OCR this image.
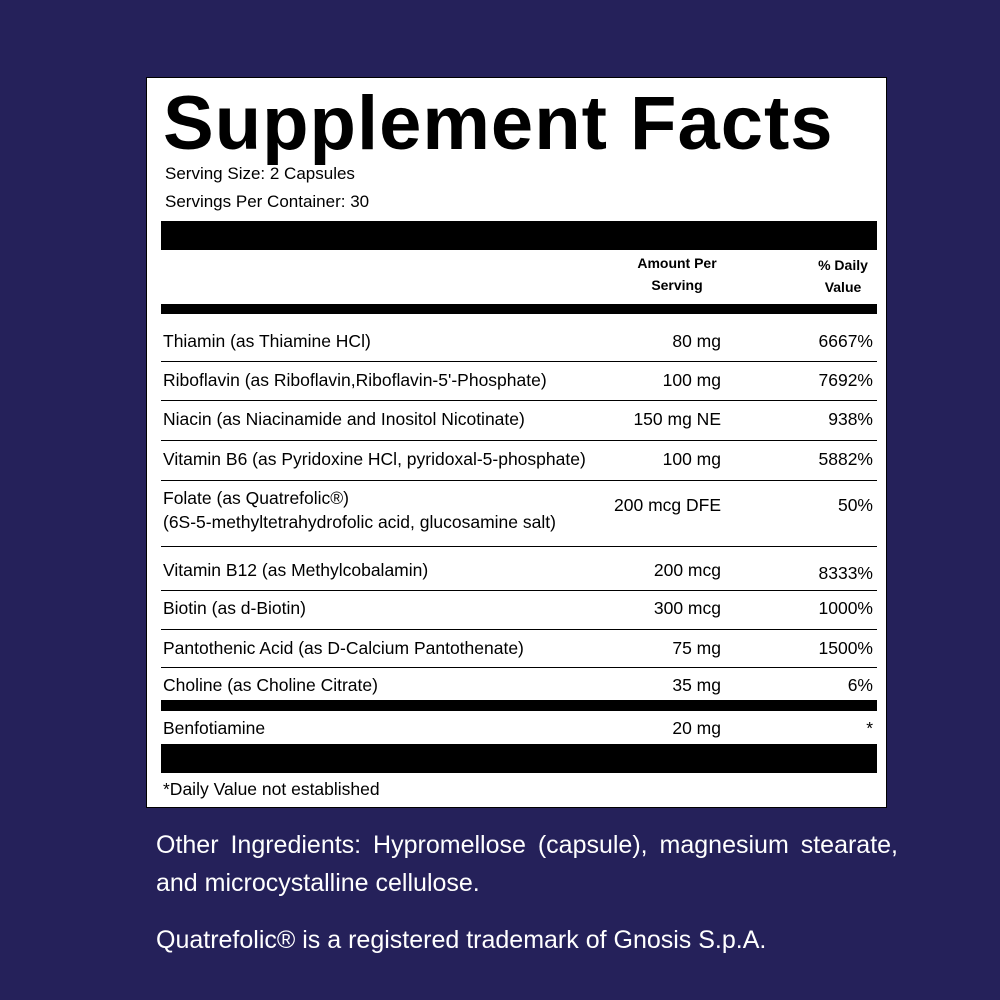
Supplement Facts
Serving Size: 2 Capsules
Servings Per Container: 30
Amount Per
Serving
% Daily
Value
Thiamin (as Thiamine HCl)	80 mg	6667%
Riboflavin (as Riboflavin,Riboflavin-5'-Phosphate)	100 mg	7692%
Niacin (as Niacinamide and Inositol Nicotinate)	150 mg NE	938%
Vitamin B6 (as Pyridoxine HCl, pyridoxal-5-phosphate)	100 mg	5882%
Folate (as Quatrefolic®)
(6S-5-methyltetrahydrofolic acid, glucosamine salt)
200 mcg DFE	50%
Vitamin B12 (as Methylcobalamin)	200 mcg	8333%
Biotin (as d-Biotin)	300 mcg	1000%
Pantothenic Acid (as D-Calcium Pantothenate)	75 mg	1500%
Choline (as Choline Citrate)	35 mg	6%
Benfotiamine	20 mg	*
*Daily Value not established
Other Ingredients: Hypromellose (capsule), magnesium stearate, and microcystalline cellulose.
Quatrefolic® is a registered trademark of Gnosis S.p.A.
